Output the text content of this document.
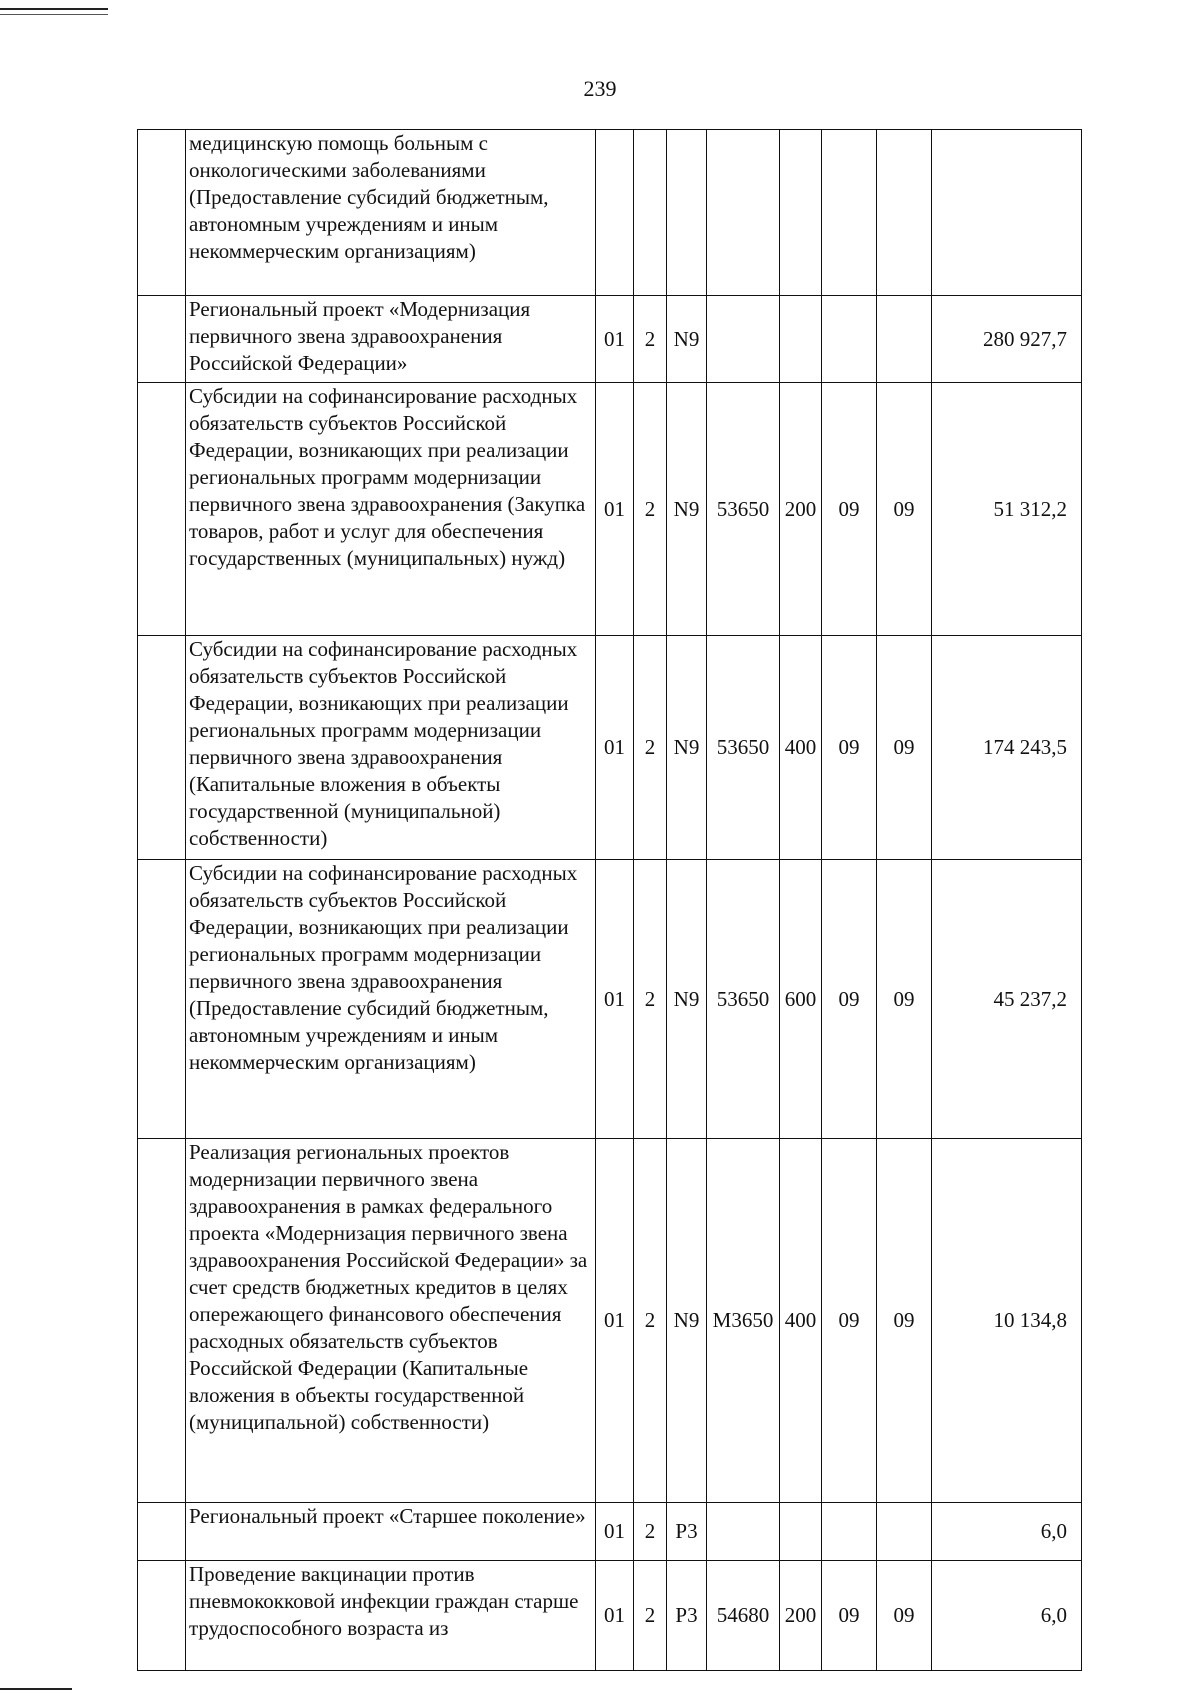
239
	медицинскую помощь больным с онкологическими заболеваниями (Предоставление субсидий бюджетным, автономным учреждениям и иным некоммерческим организациям)								
	Региональный проект «Модернизация первичного звена здравоохранения Российской Федерации»	01	2	N9					280 927,7
	Субсидии на софинансирование расходных обязательств субъектов Российской Федерации, возникающих при реализации региональных программ модернизации первичного звена здравоохранения (Закупка товаров, работ и услуг для обеспечения государственных (муниципальных) нужд)	01	2	N9	53650	200	09	09	51 312,2
	Субсидии на софинансирование расходных обязательств субъектов Российской Федерации, возникающих при реализации региональных программ модернизации первичного звена здравоохранения (Капитальные вложения в объекты государственной (муниципальной) собственности)	01	2	N9	53650	400	09	09	174 243,5
	Субсидии на софинансирование расходных обязательств субъектов Российской Федерации, возникающих при реализации региональных программ модернизации первичного звена здравоохранения (Предоставление субсидий бюджетным, автономным учреждениям и иным некоммерческим организациям)	01	2	N9	53650	600	09	09	45 237,2
	Реализация региональных проектов модернизации первичного звена здравоохранения в рамках федерального проекта «Модернизация первичного звена здравоохранения Российской Федерации» за счет средств бюджетных кредитов в целях опережающего финансового обеспечения расходных обязательств субъектов Российской Федерации (Капитальные вложения в объекты государственной (муниципальной) собственности)	01	2	N9	M3650	400	09	09	10 134,8
	Региональный проект «Старшее поколение»	01	2	P3					6,0
	Проведение вакцинации против пневмококковой инфекции граждан старше трудоспособного возраста из	01	2	P3	54680	200	09	09	6,0
